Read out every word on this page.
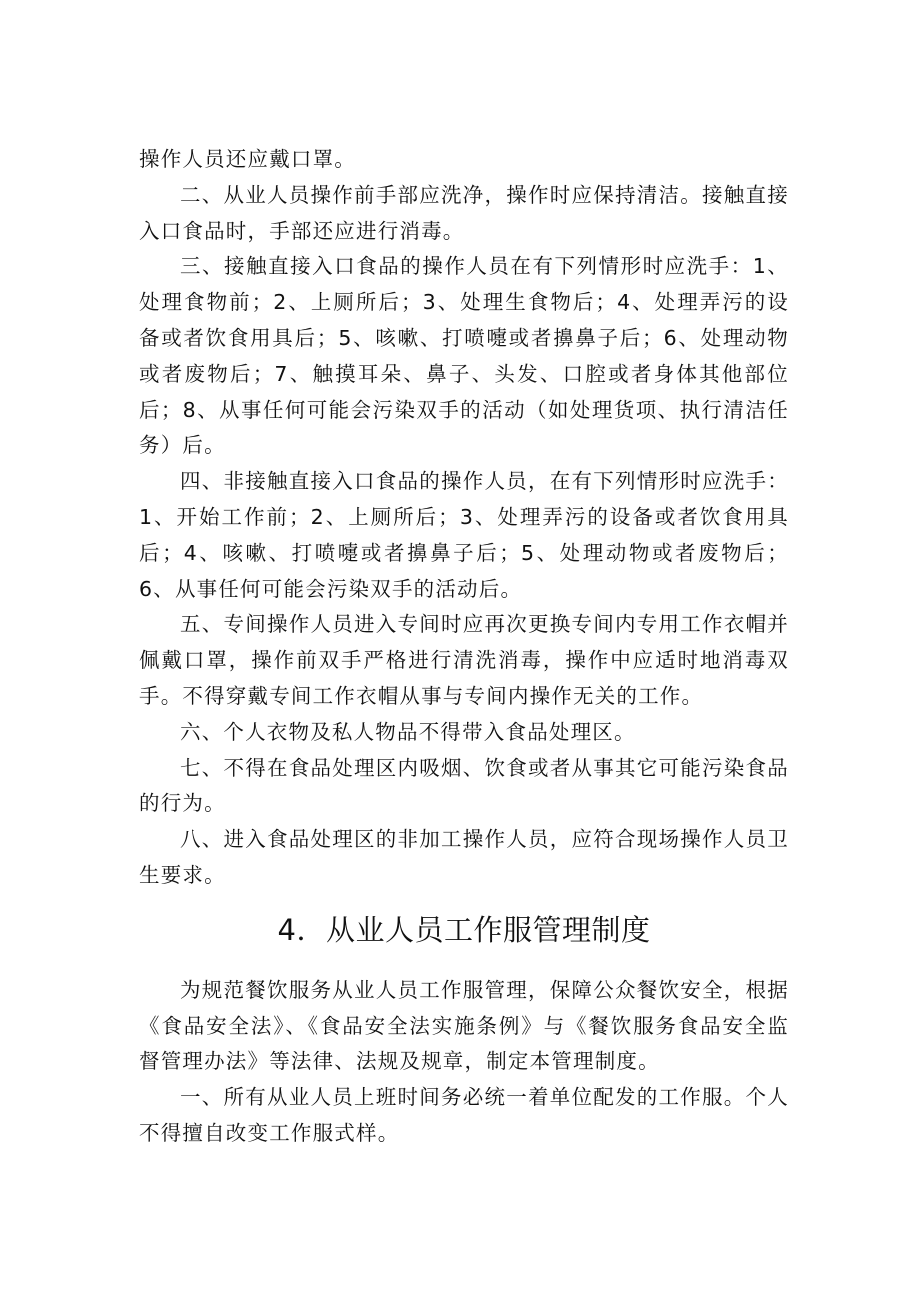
操作人员还应戴口罩。

二、从业人员操作前手部应洗净，操作时应保持清洁。接触直接入口食品时，手部还应进行消毒。

三、接触直接入口食品的操作人员在有下列情形时应洗手：1、处理食物前；2、上厕所后；3、处理生食物后；4、处理弄污的设备或者饮食用具后；5、咳嗽、打喷嚏或者擤鼻子后；6、处理动物或者废物后；7、触摸耳朵、鼻子、头发、口腔或者身体其他部位后；8、从事任何可能会污染双手的活动（如处理货项、执行清洁任务）后。

四、非接触直接入口食品的操作人员，在有下列情形时应洗手：1、开始工作前；2、上厕所后；3、处理弄污的设备或者饮食用具后；4、咳嗽、打喷嚏或者擤鼻子后；5、处理动物或者废物后；6、从事任何可能会污染双手的活动后。

五、专间操作人员进入专间时应再次更换专间内专用工作衣帽并佩戴口罩，操作前双手严格进行清洗消毒，操作中应适时地消毒双手。不得穿戴专间工作衣帽从事与专间内操作无关的工作。

六、个人衣物及私人物品不得带入食品处理区。

七、不得在食品处理区内吸烟、饮食或者从事其它可能污染食品的行为。

八、进入食品处理区的非加工操作人员，应符合现场操作人员卫生要求。

4．从业人员工作服管理制度

为规范餐饮服务从业人员工作服管理，保障公众餐饮安全，根据《食品安全法》、《食品安全法实施条例》与《餐饮服务食品安全监督管理办法》等法律、法规及规章，制定本管理制度。

一、所有从业人员上班时间务必统一着单位配发的工作服。个人不得擅自改变工作服式样。
